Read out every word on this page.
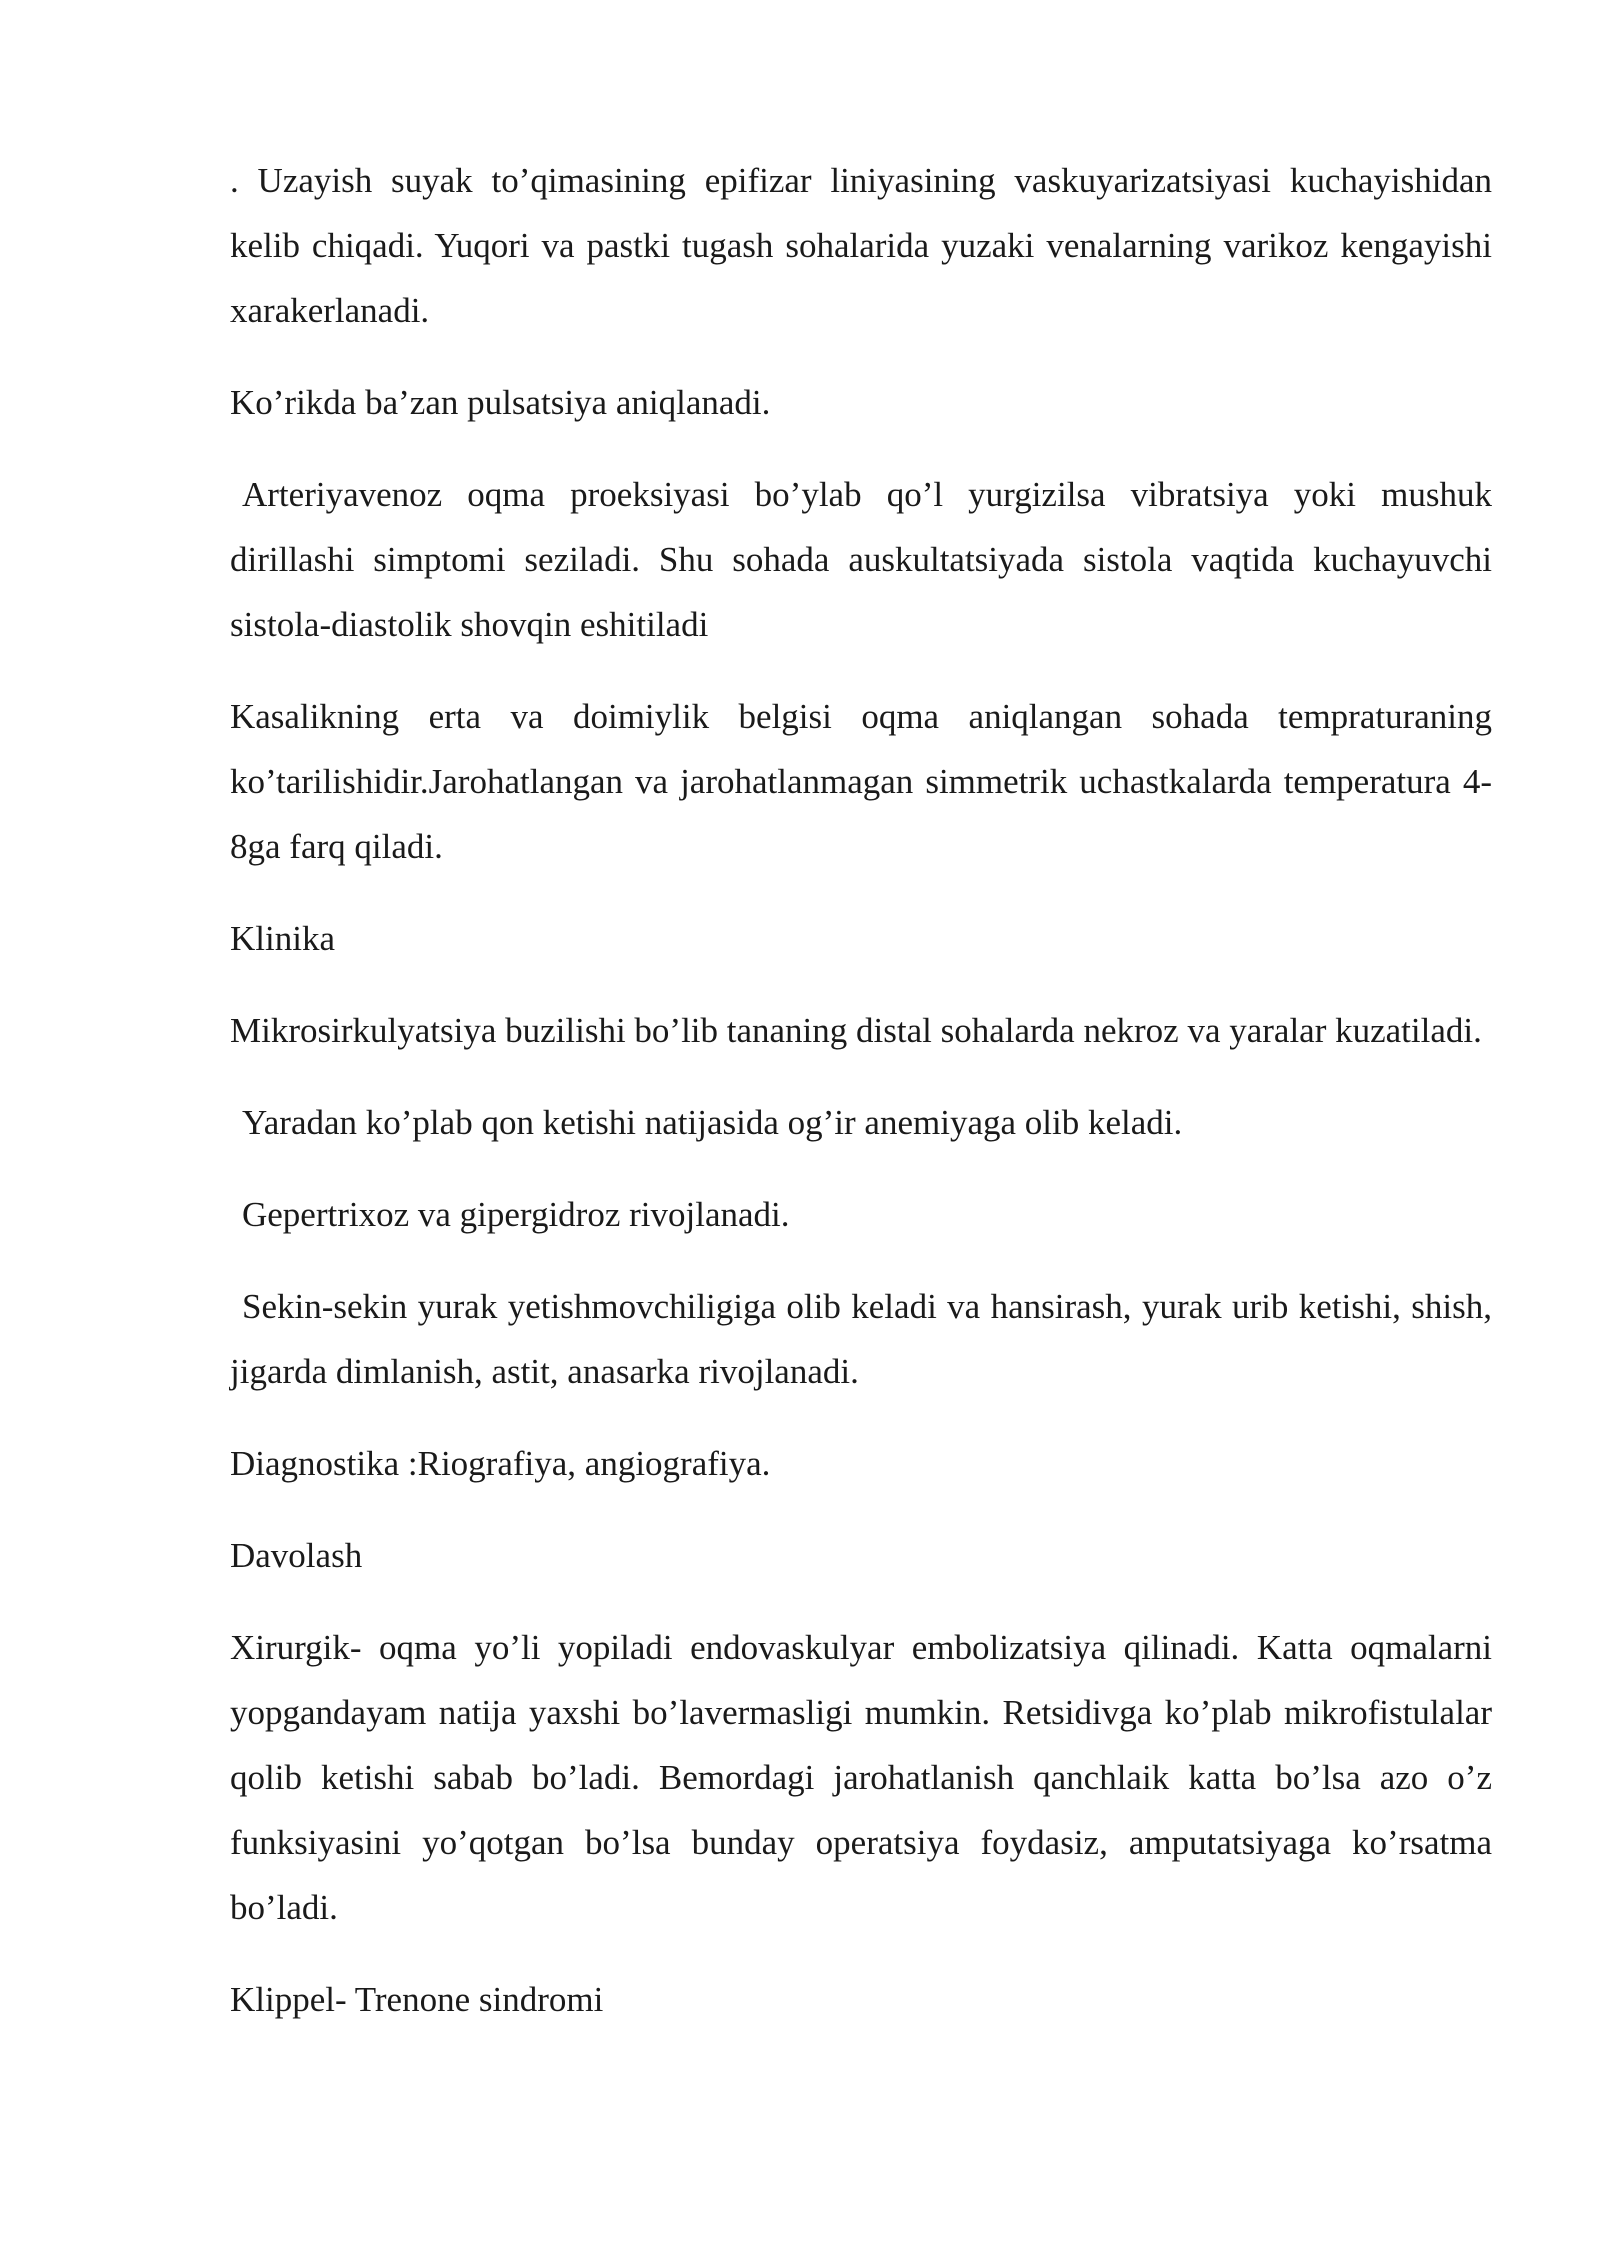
. Uzayish suyak to’qimasining epifizar liniyasining vaskuyarizatsiyasi kuchayishidan kelib chiqadi. Yuqori va pastki tugash sohalarida yuzaki venalarning varikoz kengayishi xarakerlanadi.

Ko’rikda ba’zan pulsatsiya aniqlanadi.

Arteriyavenoz oqma proeksiyasi bo’ylab qo’l yurgizilsa vibratsiya yoki mushuk dirillashi simptomi seziladi. Shu sohada auskultatsiyada sistola vaqtida kuchayuvchi sistola-diastolik shovqin eshitiladi

Kasalikning erta va doimiylik belgisi oqma aniqlangan sohada tempraturaning ko’tarilishidir.Jarohatlangan va jarohatlanmagan simmetrik uchastkalarda temperatura 4-8ga farq qiladi.

Klinika

Mikrosirkulyatsiya buzilishi bo’lib tananing distal sohalarda nekroz va yaralar kuzatiladi.

Yaradan ko’plab qon ketishi natijasida og’ir anemiyaga olib keladi.

Gepertrixoz va gipergidroz rivojlanadi.

Sekin-sekin yurak yetishmovchiligiga olib keladi va hansirash, yurak urib ketishi, shish, jigarda dimlanish, astit, anasarka rivojlanadi.

Diagnostika :Riografiya, angiografiya.

Davolash

Xirurgik- oqma yo’li yopiladi endovaskulyar embolizatsiya qilinadi. Katta oqmalarni yopgandayam natija yaxshi bo’lavermasligi mumkin. Retsidivga ko’plab mikrofistulalar qolib ketishi sabab bo’ladi. Bemordagi jarohatlanish qanchlaik katta bo’lsa azo o’z funksiyasini yo’qotgan bo’lsa bunday operatsiya foydasiz, amputatsiyaga ko’rsatma bo’ladi.

Klippel- Trenone sindromi
